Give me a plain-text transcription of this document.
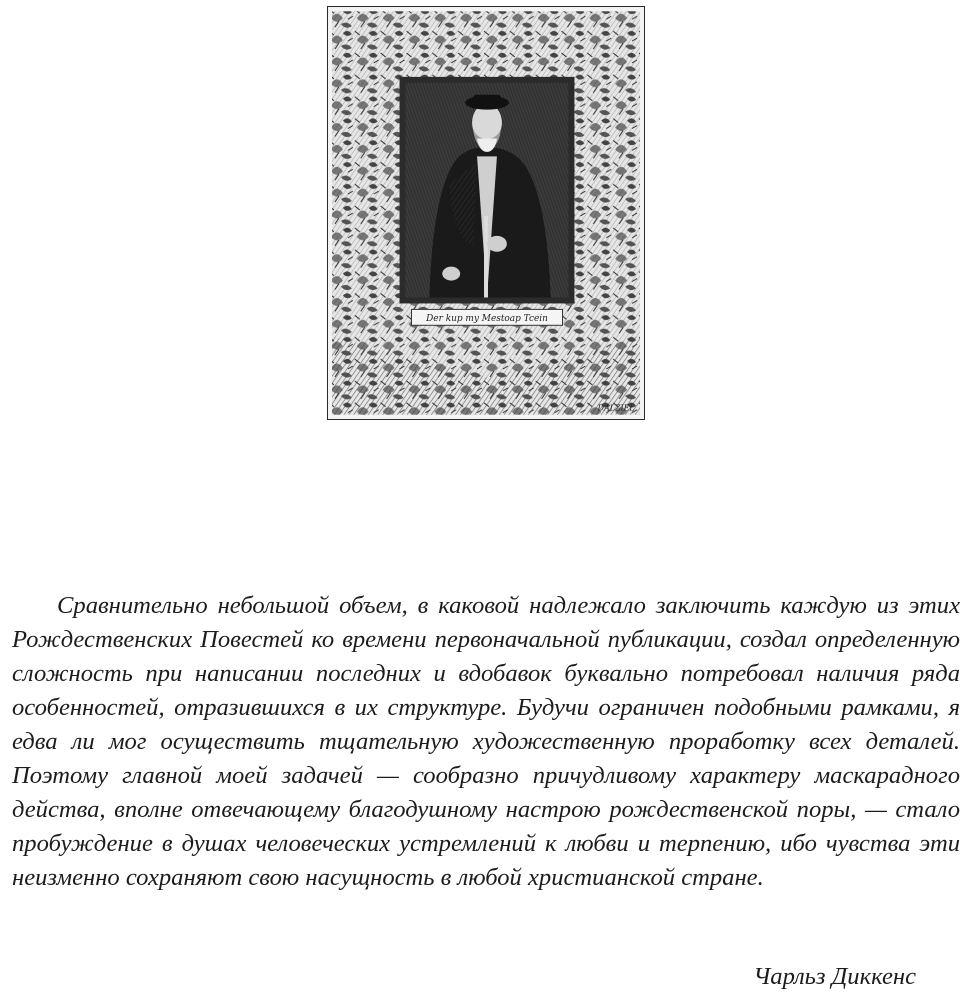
Der kup my Mestoap Tcein
DALZIEL

Сравнительно небольшой объем, в каковой надлежало заключить каждую из этих Рождественских Повестей ко времени первоначальной публикации, создал определенную сложность при написании последних и вдобавок буквально потребовал наличия ряда особенностей, отразившихся в их структуре. Будучи ограничен подобными рамками, я едва ли мог осуществить тщательную художественную проработку всех деталей. Поэтому главной моей задачей — сообразно причудливому характеру маскарадного действа, вполне отвечающему благодушному настрою рождественской поры, — стало пробуждение в душах человеческих устремлений к любви и терпению, ибо чувства эти неизменно сохраняют свою насущность в любой христианской стране.

Чарльз Диккенс
